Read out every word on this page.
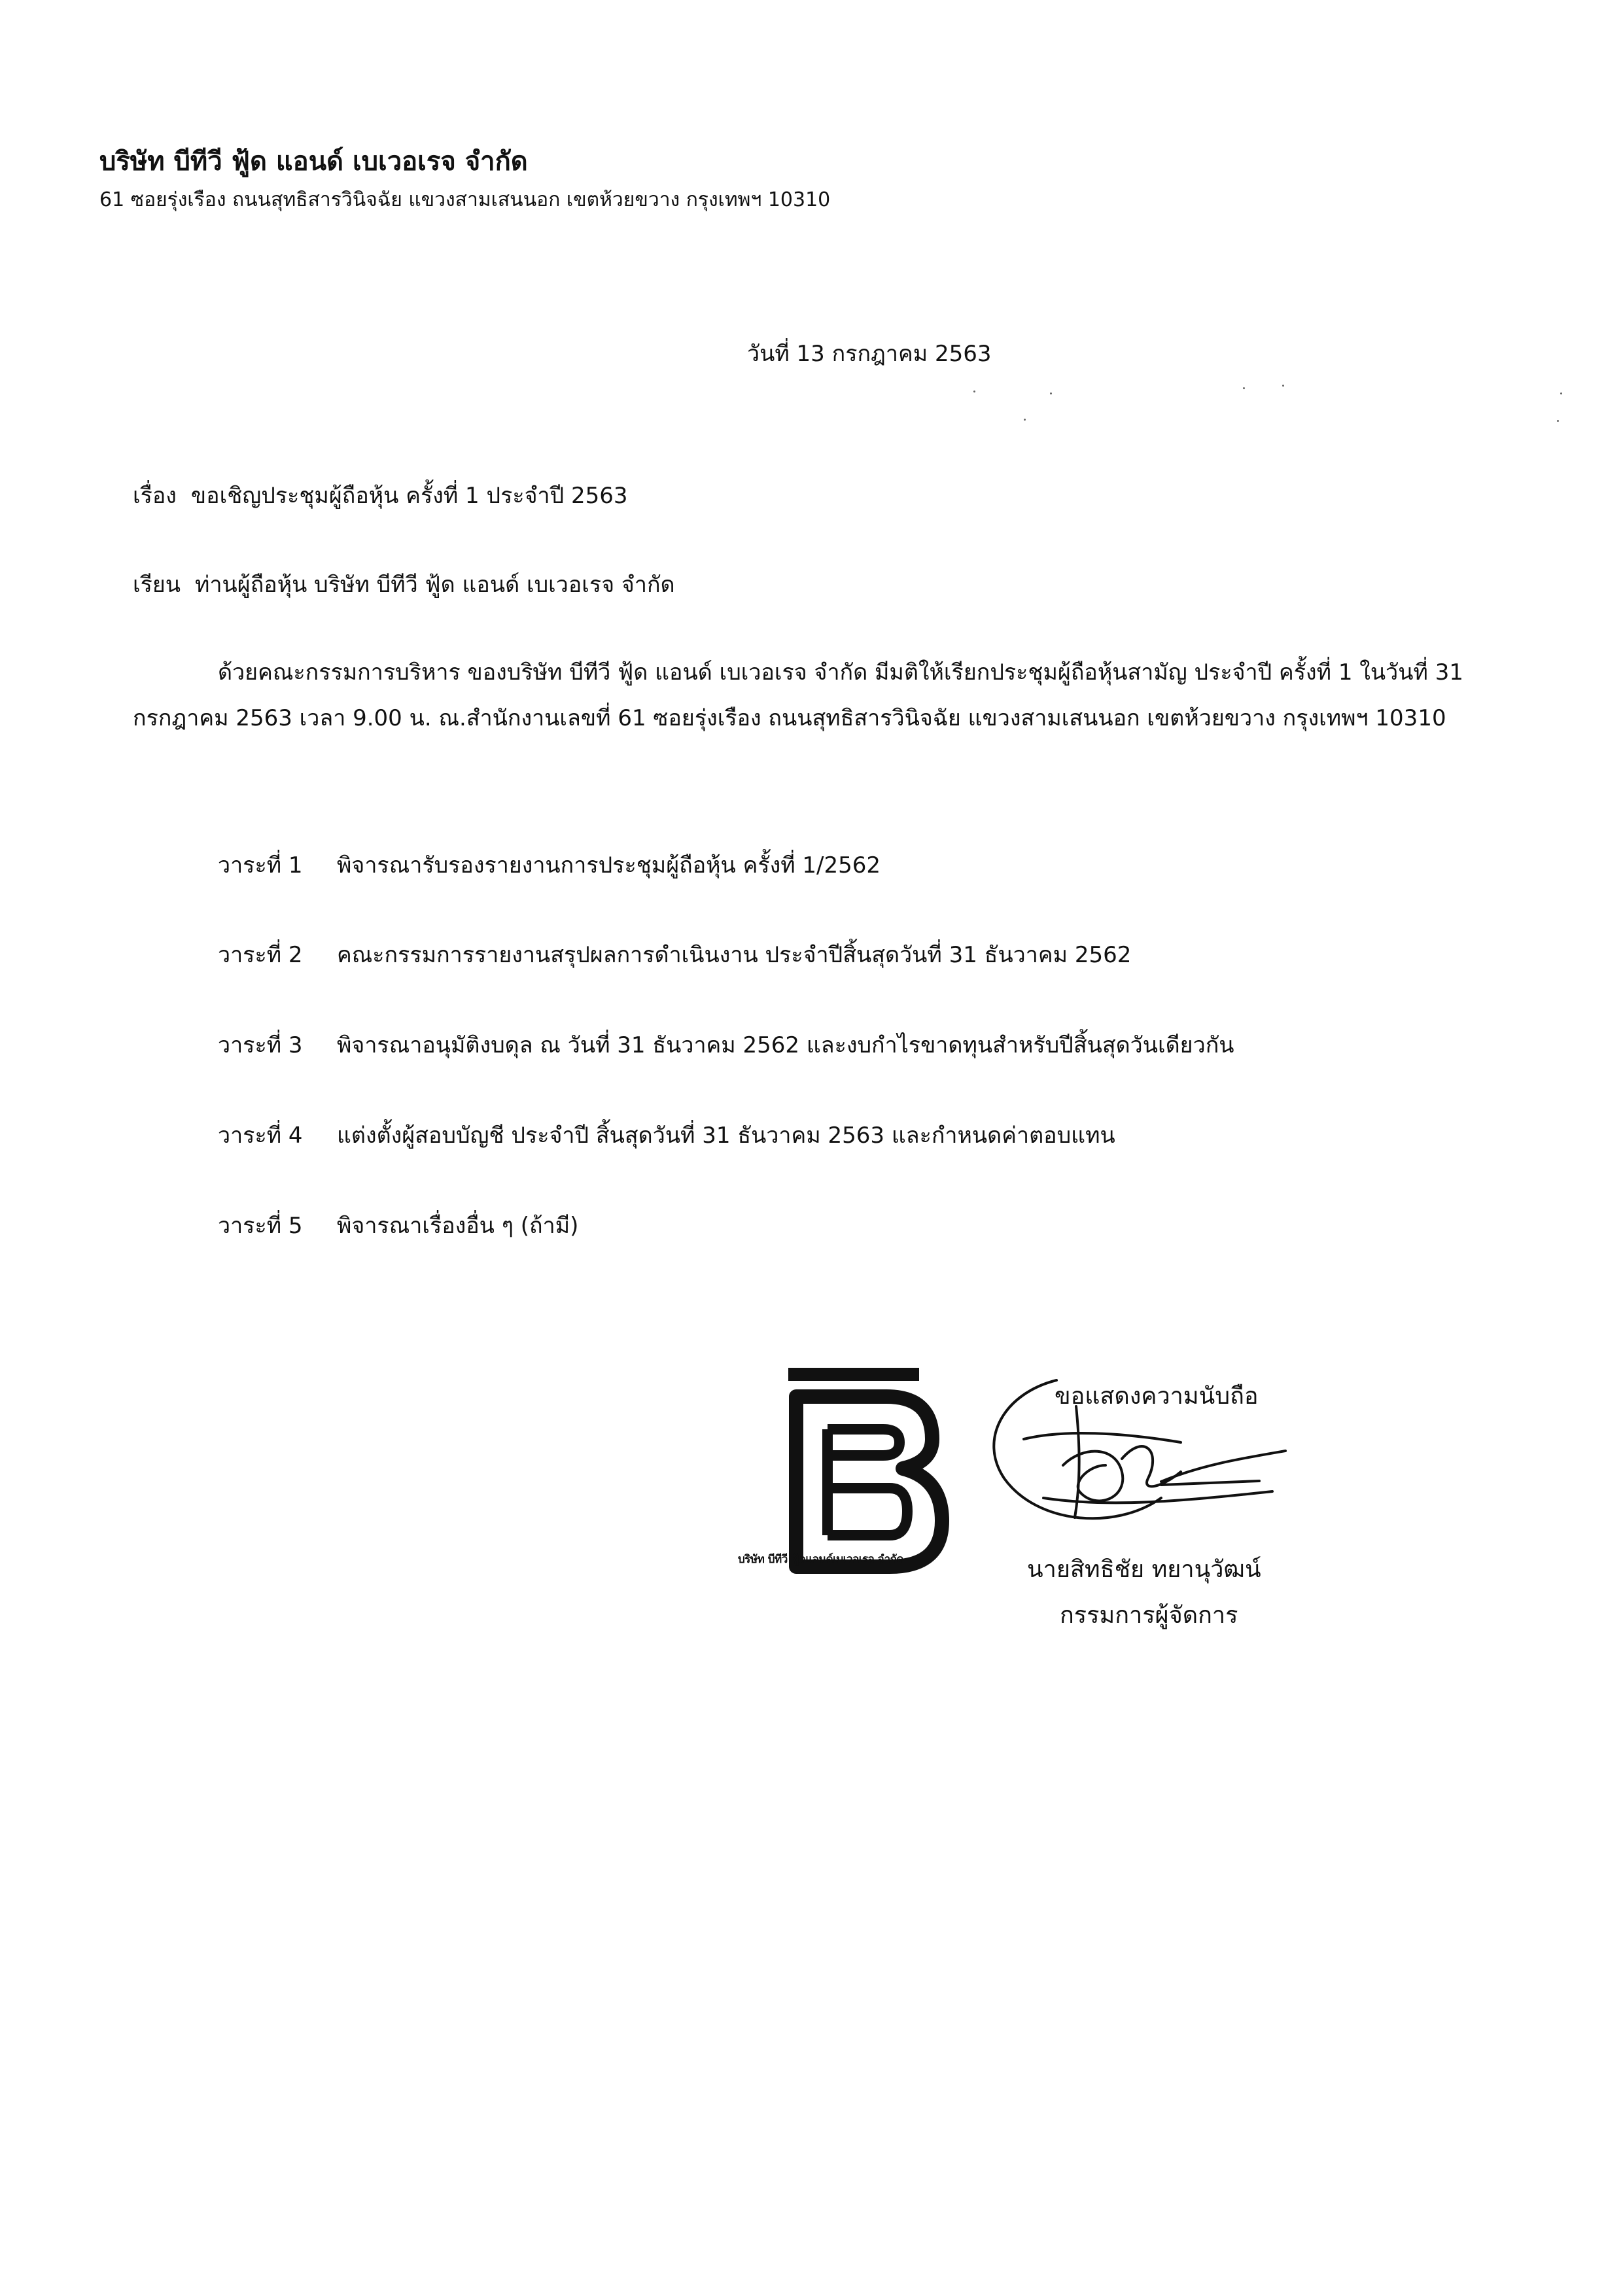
บริษัท บีทีวี ฟู้ด แอนด์ เบเวอเรจ จำกัด
61 ซอยรุ่งเรือง ถนนสุทธิสารวินิจฉัย แขวงสามเสนนอก เขตห้วยขวาง กรุงเทพฯ 10310
วันที่ 13 กรกฎาคม 2563
เรื่อง ขอเชิญประชุมผู้ถือหุ้น ครั้งที่ 1 ประจำปี 2563
เรียน ท่านผู้ถือหุ้น บริษัท บีทีวี ฟู้ด แอนด์ เบเวอเรจ จำกัด
ด้วยคณะกรรมการบริหาร ของบริษัท บีทีวี ฟู้ด แอนด์ เบเวอเรจ จำกัด มีมติให้เรียกประชุมผู้ถือหุ้นสามัญ ประจำปี ครั้งที่ 1 ในวันที่ 31 กรกฎาคม 2563 เวลา 9.00 น. ณ.สำนักงานเลขที่ 61 ซอยรุ่งเรือง ถนนสุทธิสารวินิจฉัย แขวงสามเสนนอก เขตห้วยขวาง กรุงเทพฯ 10310
วาระที่ 1 พิจารณารับรองรายงานการประชุมผู้ถือหุ้น ครั้งที่ 1/2562
วาระที่ 2 คณะกรรมการรายงานสรุปผลการดำเนินงาน ประจำปีสิ้นสุดวันที่ 31 ธันวาคม 2562
วาระที่ 3 พิจารณาอนุมัติงบดุล ณ วันที่ 31 ธันวาคม 2562 และงบกำไรขาดทุนสำหรับปีสิ้นสุดวันเดียวกัน
วาระที่ 4 แต่งตั้งผู้สอบบัญชี ประจำปี สิ้นสุดวันที่ 31 ธันวาคม 2563 และกำหนดค่าตอบแทน
วาระที่ 5 พิจารณาเรื่องอื่น ๆ (ถ้ามี)
บริษัท บีทีวี ฟู้ดแอนด์เบเวอเรจ จำกัด
ขอแสดงความนับถือ
นายสิทธิชัย ทยานุวัฒน์
กรรมการผู้จัดการ
